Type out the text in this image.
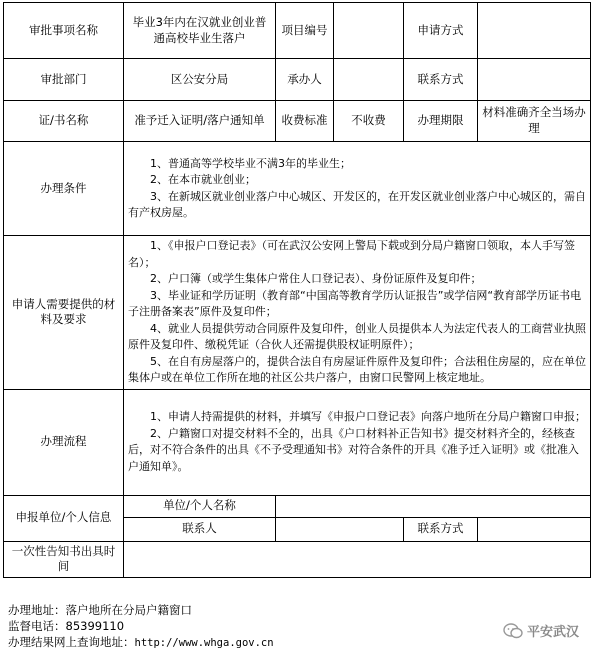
审批事项名称	毕业3年内在汉就业创业普通高校毕业生落户	项目编号		申请方式	
审批部门	区公安分局	承办人		联系方式	
证/书名称	准予迁入证明/落户通知单	收费标准	不收费	办理期限	材料准确齐全当场办理
办理条件	1、普通高等学校毕业不满3年的毕业生；

2、在本市就业创业；

3、在新城区就业创业落户中心城区、开发区的，在开发区就业创业落户中心城区的，需自有产权房屋。				

申请人需要提供的材料及要求	1、《申报户口登记表》（可在武汉公安网上警局下载或到分局户籍窗口领取，本人手写签名）；

2、户口簿（或学生集体户常住人口登记表）、身份证原件及复印件；

3、毕业证和学历证明（教育部“中国高等教育学历认证报告”或学信网“教育部学历证书电子注册备案表”原件及复印件；

4、就业人员提供劳动合同原件及复印件，创业人员提供本人为法定代表人的工商营业执照原件及复印件、缴税凭证（合伙人还需提供股权证明原件）；

5、在自有房屋落户的，提供合法自有房屋证件原件及复印件；合法租住房屋的，应在单位集体户或在单位工作所在地的社区公共户落户，由窗口民警网上核定地址。				

办理流程	1、申请人持需提供的材料，并填写《申报户口登记表》向落户地所在分局户籍窗口申报；

2、户籍窗口对提交材料不全的，出具《户口材料补正告知书》提交材料齐全的，经核查后，对不符合条件的出具《不予受理通知书》对符合条件的开具《准予迁入证明》或《批准入户通知单》。				

申报单位/个人信息	单位/个人名称				
	联系人			联系方式	
一次性告知书出具时间					
办理地址：落户地所在分局户籍窗口
监督电话：85399110
办理结果网上查询地址：http://www.whga.gov.cn
平安武汉
